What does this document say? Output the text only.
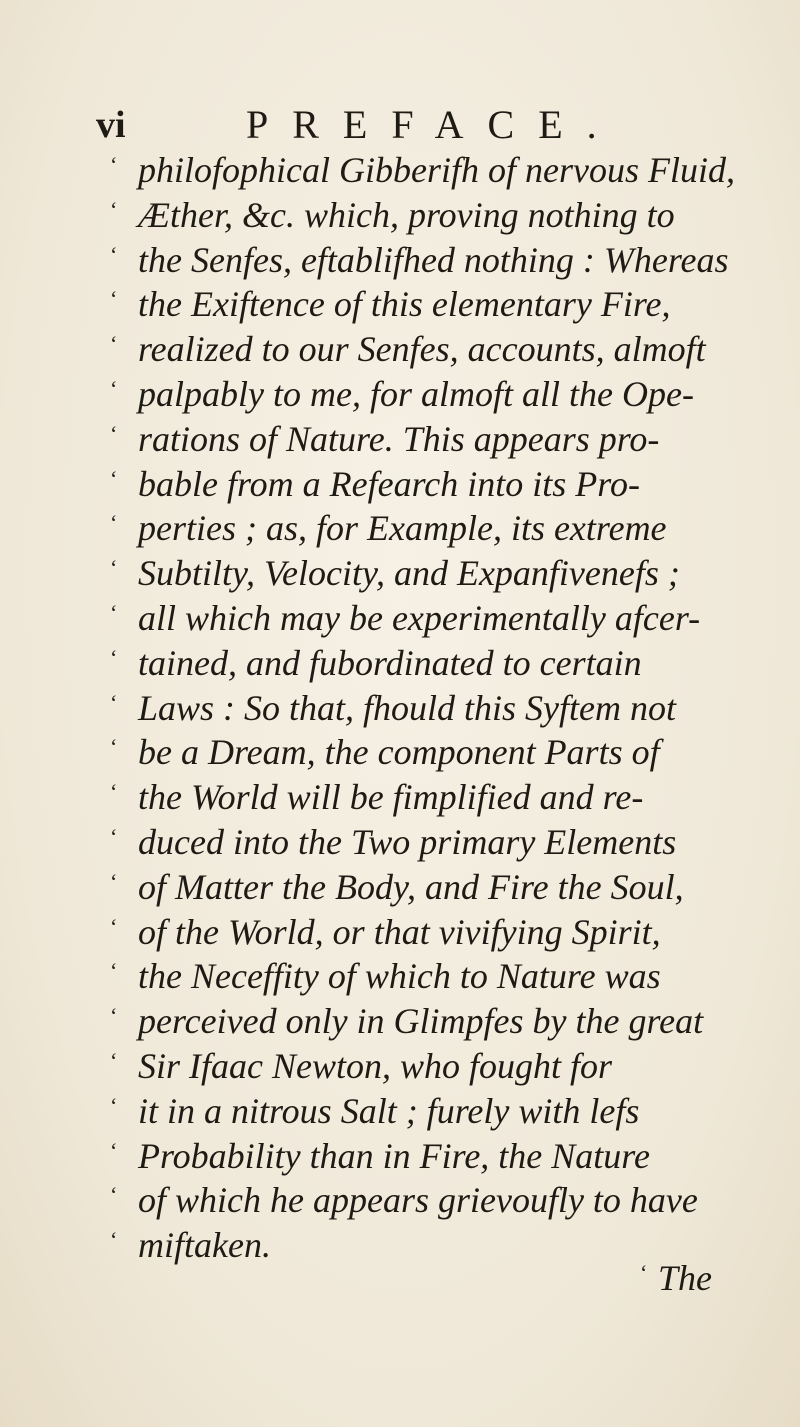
vi	PREFACE.
‘ philofophical Gibberifh of nervous Fluid,
‘ Æther, &c. which, proving nothing to
‘ the Senfes, eftablifhed nothing : Whereas
‘ the Exiftence of this elementary Fire,
‘ realized to our Senfes, accounts, almoft
‘ palpably to me, for almoft all the Ope-
‘ rations of Nature. This appears pro-
‘ bable from a Refearch into its Pro-
‘ perties ; as, for Example, its extreme
‘ Subtilty, Velocity, and Expanfivenefs ;
‘ all which may be experimentally afcer-
‘ tained, and fubordinated to certain
‘ Laws : So that, fhould this Syftem not
‘ be a Dream, the component Parts of
‘ the World will be fimplified and re-
‘ duced into the Two primary Elements
‘ of Matter the Body, and Fire the Soul,
‘ of the World, or that vivifying Spirit,
‘ the Neceffity of which to Nature was
‘ perceived only in Glimpfes by the great
‘ Sir Ifaac Newton, who fought for
‘ it in a nitrous Salt ; furely with lefs
‘ Probability than in Fire, the Nature
‘ of which he appears grievoufly to have
‘ miftaken.
‘ The
